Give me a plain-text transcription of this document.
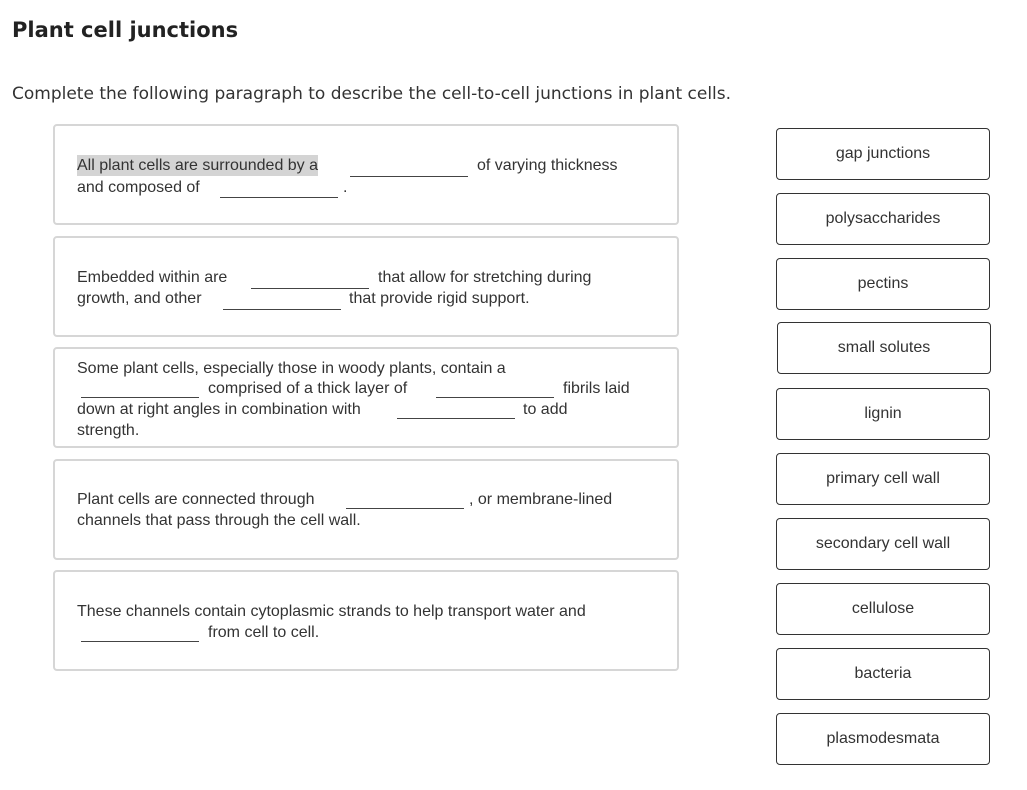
Plant cell junctions

Complete the following paragraph to describe the cell-to-cell junctions in plant cells.

All plant cells are surrounded by a	of varying thickness
and composed of	.
Embedded within are	that allow for stretching during
growth, and other	that provide rigid support.
Some plant cells, especially those in woody plants, contain a
comprised of a thick layer of	fibrils laid
down at right angles in combination with	to add
strength.
Plant cells are connected through	, or membrane-lined
channels that pass through the cell wall.
These channels contain cytoplasmic strands to help transport water and
from cell to cell.
gap junctions
polysaccharides
pectins
small solutes
lignin
primary cell wall
secondary cell wall
cellulose
bacteria
plasmodesmata
